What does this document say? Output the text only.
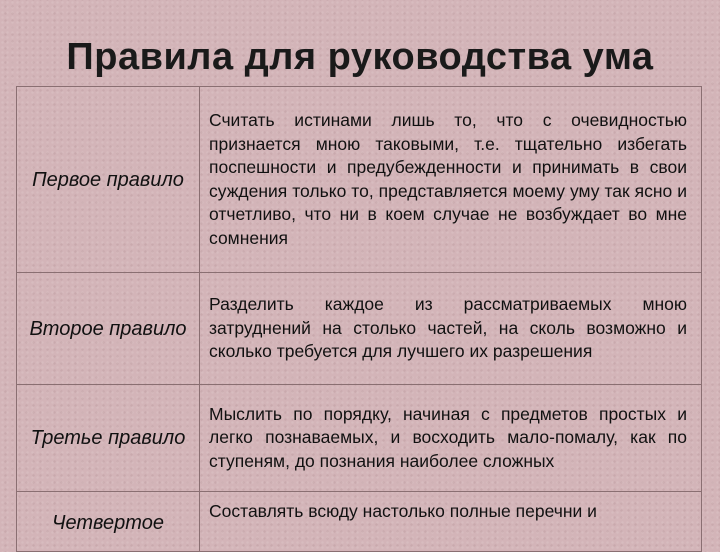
Правила для руководства ума
Первое правило	Считать истинами лишь то, что с очевидностью признается мною таковыми, т.е. тщательно избегать поспешности и предубежденности и принимать в свои суждения только то, представляется моему уму так ясно и отчетливо, что ни в коем случае не возбуждает во мне сомнения

Второе правило	Разделить каждое из рассматриваемых мною затруднений на столько частей, на сколь возможно и сколько требуется для лучшего их разрешения

Третье правило	Мыслить по порядку, начиная с предметов простых и легко познаваемых, и восходить мало-помалу, как по ступеням, до познания наиболее сложных

Четвертое	Составлять всюду настолько полные перечни и
